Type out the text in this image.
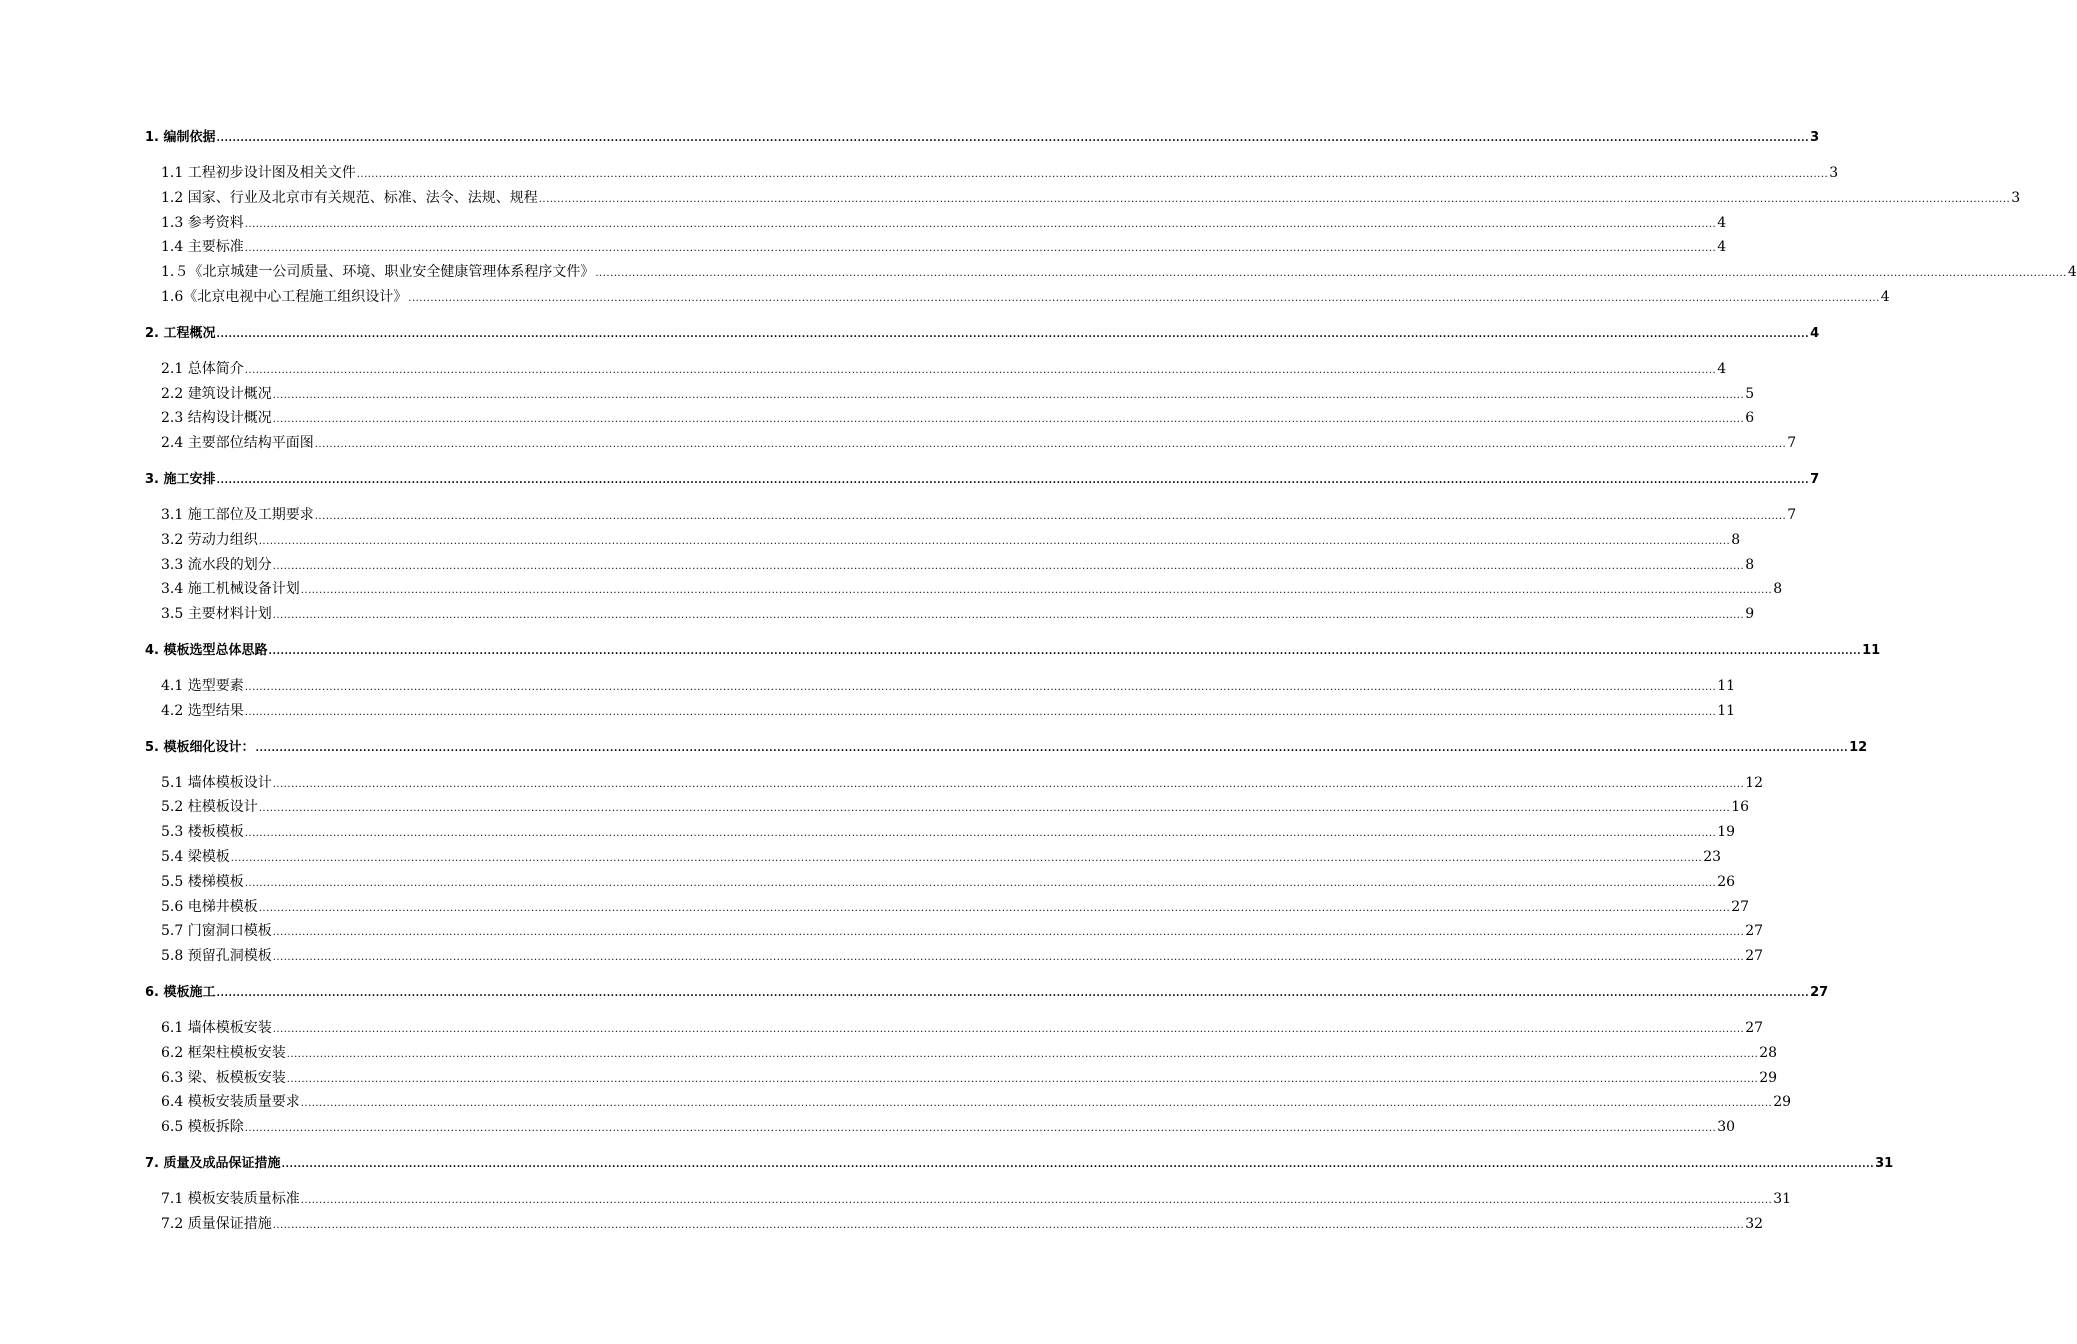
1. 编制依据 ................................................................................................................................................................................................................................................................................................................................................................................................................ 3
1.1 工程初步设计图及相关文件 ................................................................................................................................................................................................................................................................................................................................................................................................................ 3
1.2 国家、行业及北京市有关规范、标准、法令、法规、规程 ................................................................................................................................................................................................................................................................................................................................................................................................................ 3
1.3 参考资料 ................................................................................................................................................................................................................................................................................................................................................................................................................ 4
1.4 主要标准 ................................................................................................................................................................................................................................................................................................................................................................................................................ 4
1.５《北京城建一公司质量、环境、职业安全健康管理体系程序文件》 ................................................................................................................................................................................................................................................................................................................................................................................................................ 4
1.6《北京电视中心工程施工组织设计》 ................................................................................................................................................................................................................................................................................................................................................................................................................ 4
2. 工程概况 ................................................................................................................................................................................................................................................................................................................................................................................................................ 4
2.1 总体简介 ................................................................................................................................................................................................................................................................................................................................................................................................................ 4
2.2 建筑设计概况 ................................................................................................................................................................................................................................................................................................................................................................................................................ 5
2.3 结构设计概况 ................................................................................................................................................................................................................................................................................................................................................................................................................ 6
2.4 主要部位结构平面图 ................................................................................................................................................................................................................................................................................................................................................................................................................ 7
3. 施工安排 ................................................................................................................................................................................................................................................................................................................................................................................................................ 7
3.1 施工部位及工期要求 ................................................................................................................................................................................................................................................................................................................................................................................................................ 7
3.2 劳动力组织 ................................................................................................................................................................................................................................................................................................................................................................................................................ 8
3.3 流水段的划分 ................................................................................................................................................................................................................................................................................................................................................................................................................ 8
3.4 施工机械设备计划 ................................................................................................................................................................................................................................................................................................................................................................................................................ 8
3.5 主要材料计划 ................................................................................................................................................................................................................................................................................................................................................................................................................ 9
4. 模板选型总体思路 ................................................................................................................................................................................................................................................................................................................................................................................................................ 11
4.1 选型要素 ................................................................................................................................................................................................................................................................................................................................................................................................................ 11
4.2 选型结果 ................................................................................................................................................................................................................................................................................................................................................................................................................ 11
5. 模板细化设计： ................................................................................................................................................................................................................................................................................................................................................................................................................ 12
5.1 墙体模板设计 ................................................................................................................................................................................................................................................................................................................................................................................................................ 12
5.2 柱模板设计 ................................................................................................................................................................................................................................................................................................................................................................................................................ 16
5.3 楼板模板 ................................................................................................................................................................................................................................................................................................................................................................................................................ 19
5.4 梁模板 ................................................................................................................................................................................................................................................................................................................................................................................................................ 23
5.5 楼梯模板 ................................................................................................................................................................................................................................................................................................................................................................................................................ 26
5.6 电梯井模板 ................................................................................................................................................................................................................................................................................................................................................................................................................ 27
5.7 门窗洞口模板 ................................................................................................................................................................................................................................................................................................................................................................................................................ 27
5.8 预留孔洞模板 ................................................................................................................................................................................................................................................................................................................................................................................................................ 27
6. 模板施工 ................................................................................................................................................................................................................................................................................................................................................................................................................ 27
6.1 墙体模板安装 ................................................................................................................................................................................................................................................................................................................................................................................................................ 27
6.2 框架柱模板安装 ................................................................................................................................................................................................................................................................................................................................................................................................................ 28
6.3 梁、板模板安装 ................................................................................................................................................................................................................................................................................................................................................................................................................ 29
6.4 模板安装质量要求 ................................................................................................................................................................................................................................................................................................................................................................................................................ 29
6.5 模板拆除 ................................................................................................................................................................................................................................................................................................................................................................................................................ 30
7. 质量及成品保证措施 ................................................................................................................................................................................................................................................................................................................................................................................................................ 31
7.1 模板安装质量标准 ................................................................................................................................................................................................................................................................................................................................................................................................................ 31
7.2 质量保证措施 ................................................................................................................................................................................................................................................................................................................................................................................................................ 32
